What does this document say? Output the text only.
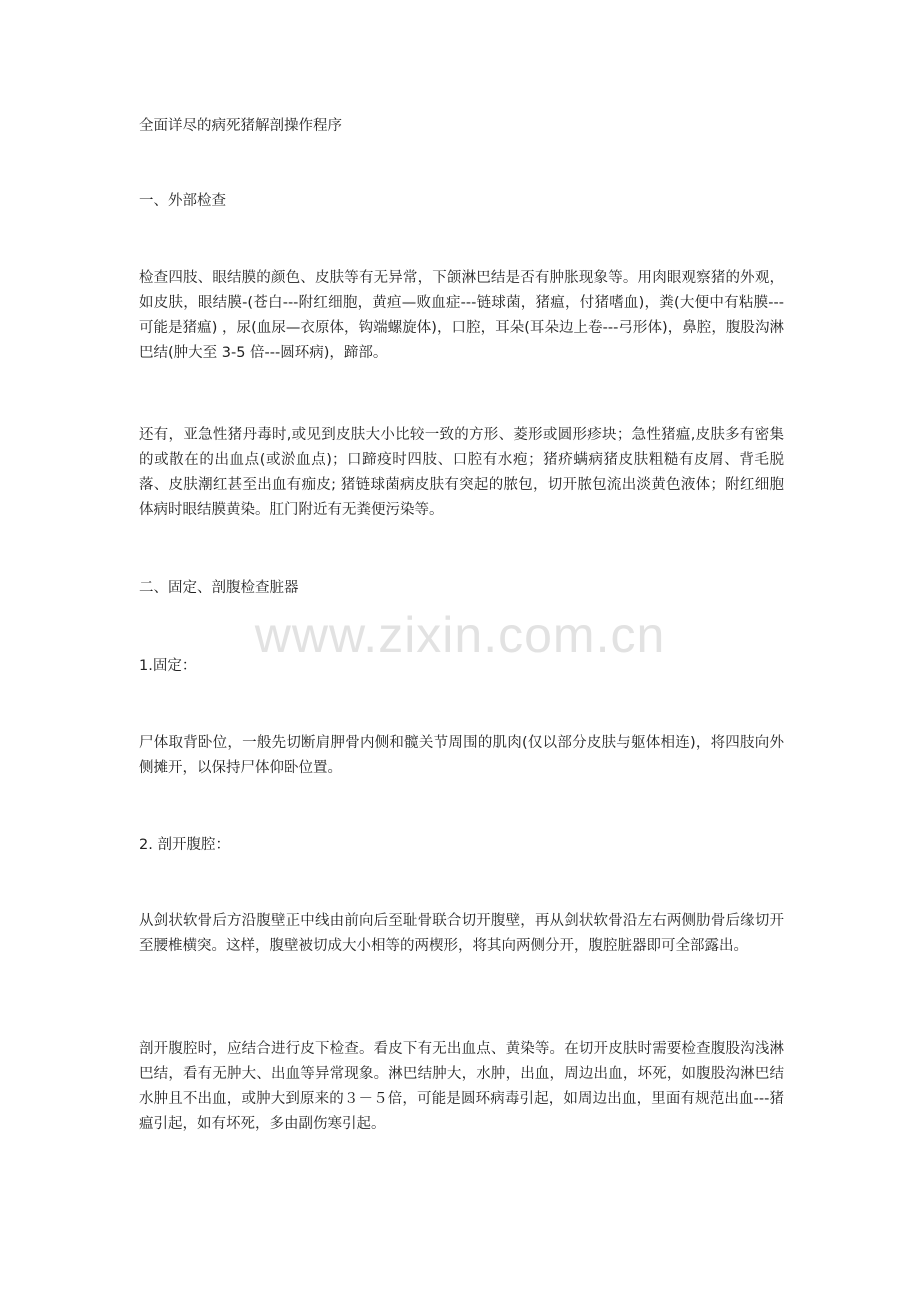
全面详尽的病死猪解剖操作程序

一、外部检查

检查四肢、眼结膜的颜色、皮肤等有无异常，下颌淋巴结是否有肿胀现象等。用肉眼观察猪的外观，如皮肤，眼结膜-(苍白---附红细胞，黄疸—败血症---链球菌，猪瘟，付猪嗜血)，粪(大便中有粘膜---可能是猪瘟) ，尿(血尿—衣原体，钩端螺旋体)，口腔，耳朵(耳朵边上卷---弓形体)，鼻腔，腹股沟淋巴结(肿大至 3-5 倍---圆环病)，蹄部。

还有，亚急性猪丹毒时,或见到皮肤大小比较一致的方形、菱形或圆形疹块；急性猪瘟,皮肤多有密集的或散在的出血点(或淤血点)；口蹄疫时四肢、口腔有水疱；猪疥螨病猪皮肤粗糙有皮屑、背毛脱落、皮肤潮红甚至出血有痂皮; 猪链球菌病皮肤有突起的脓包，切开脓包流出淡黄色液体；附红细胞体病时眼结膜黄染。肛门附近有无粪便污染等。

二、固定、剖腹检查脏器

www.zixin.com.cn

1.固定：

尸体取背卧位，一般先切断肩胛骨内侧和髋关节周围的肌肉(仅以部分皮肤与躯体相连)，将四肢向外侧摊开，以保持尸体仰卧位置。

2. 剖开腹腔：

从剑状软骨后方沿腹壁正中线由前向后至耻骨联合切开腹壁，再从剑状软骨沿左右两侧肋骨后缘切开至腰椎横突。这样，腹壁被切成大小相等的两楔形，将其向两侧分开，腹腔脏器即可全部露出。

剖开腹腔时，应结合进行皮下检查。看皮下有无出血点、黄染等。在切开皮肤时需要检查腹股沟浅淋巴结，看有无肿大、出血等异常现象。淋巴结肿大，水肿，出血，周边出血，坏死，如腹股沟淋巴结水肿且不出血，或肿大到原来的３－５倍，可能是圆环病毒引起，如周边出血，里面有规范出血---猪瘟引起，如有坏死，多由副伤寒引起。
